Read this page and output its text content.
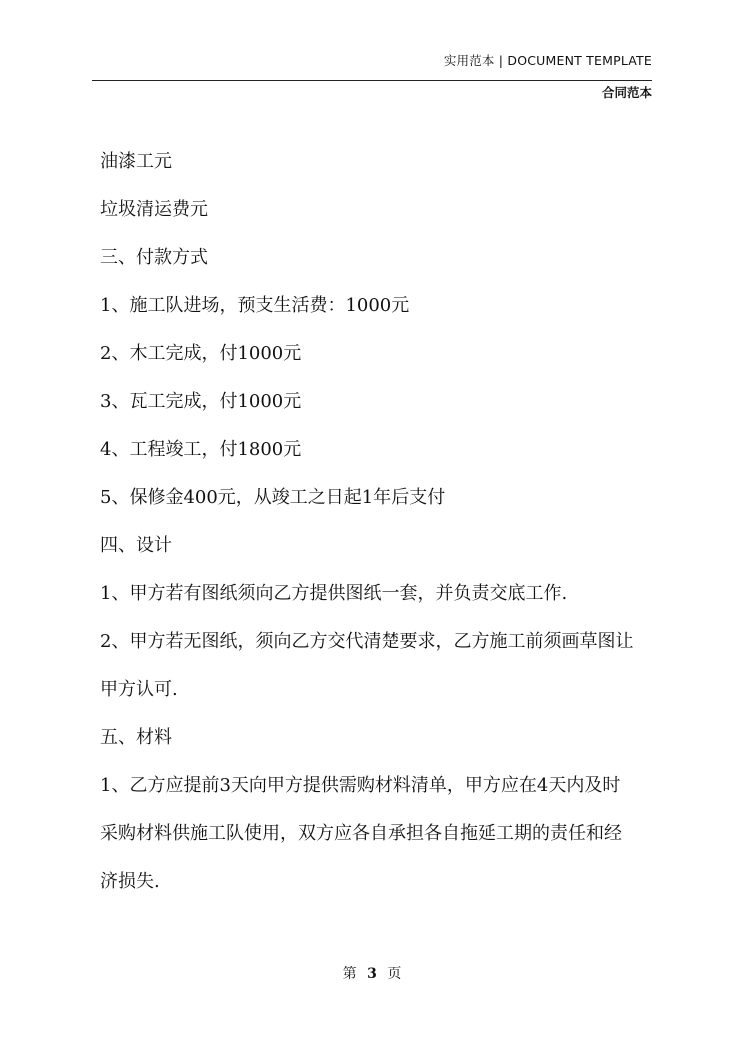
实用范本 | DOCUMENT TEMPLATE
合同范本

油漆工元

垃圾清运费元

三、付款方式

1、施工队进场，预支生活费：1000元

2、木工完成，付1000元

3、瓦工完成，付1000元

4、工程竣工，付1800元

5、保修金400元，从竣工之日起1年后支付

四、设计

1、甲方若有图纸须向乙方提供图纸一套，并负责交底工作.

2、甲方若无图纸，须向乙方交代清楚要求，乙方施工前须画草图让

甲方认可.

五、材料

1、乙方应提前3天向甲方提供需购材料清单，甲方应在4天内及时

采购材料供施工队使用，双方应各自承担各自拖延工期的责任和经

济损失.

第 3 页
